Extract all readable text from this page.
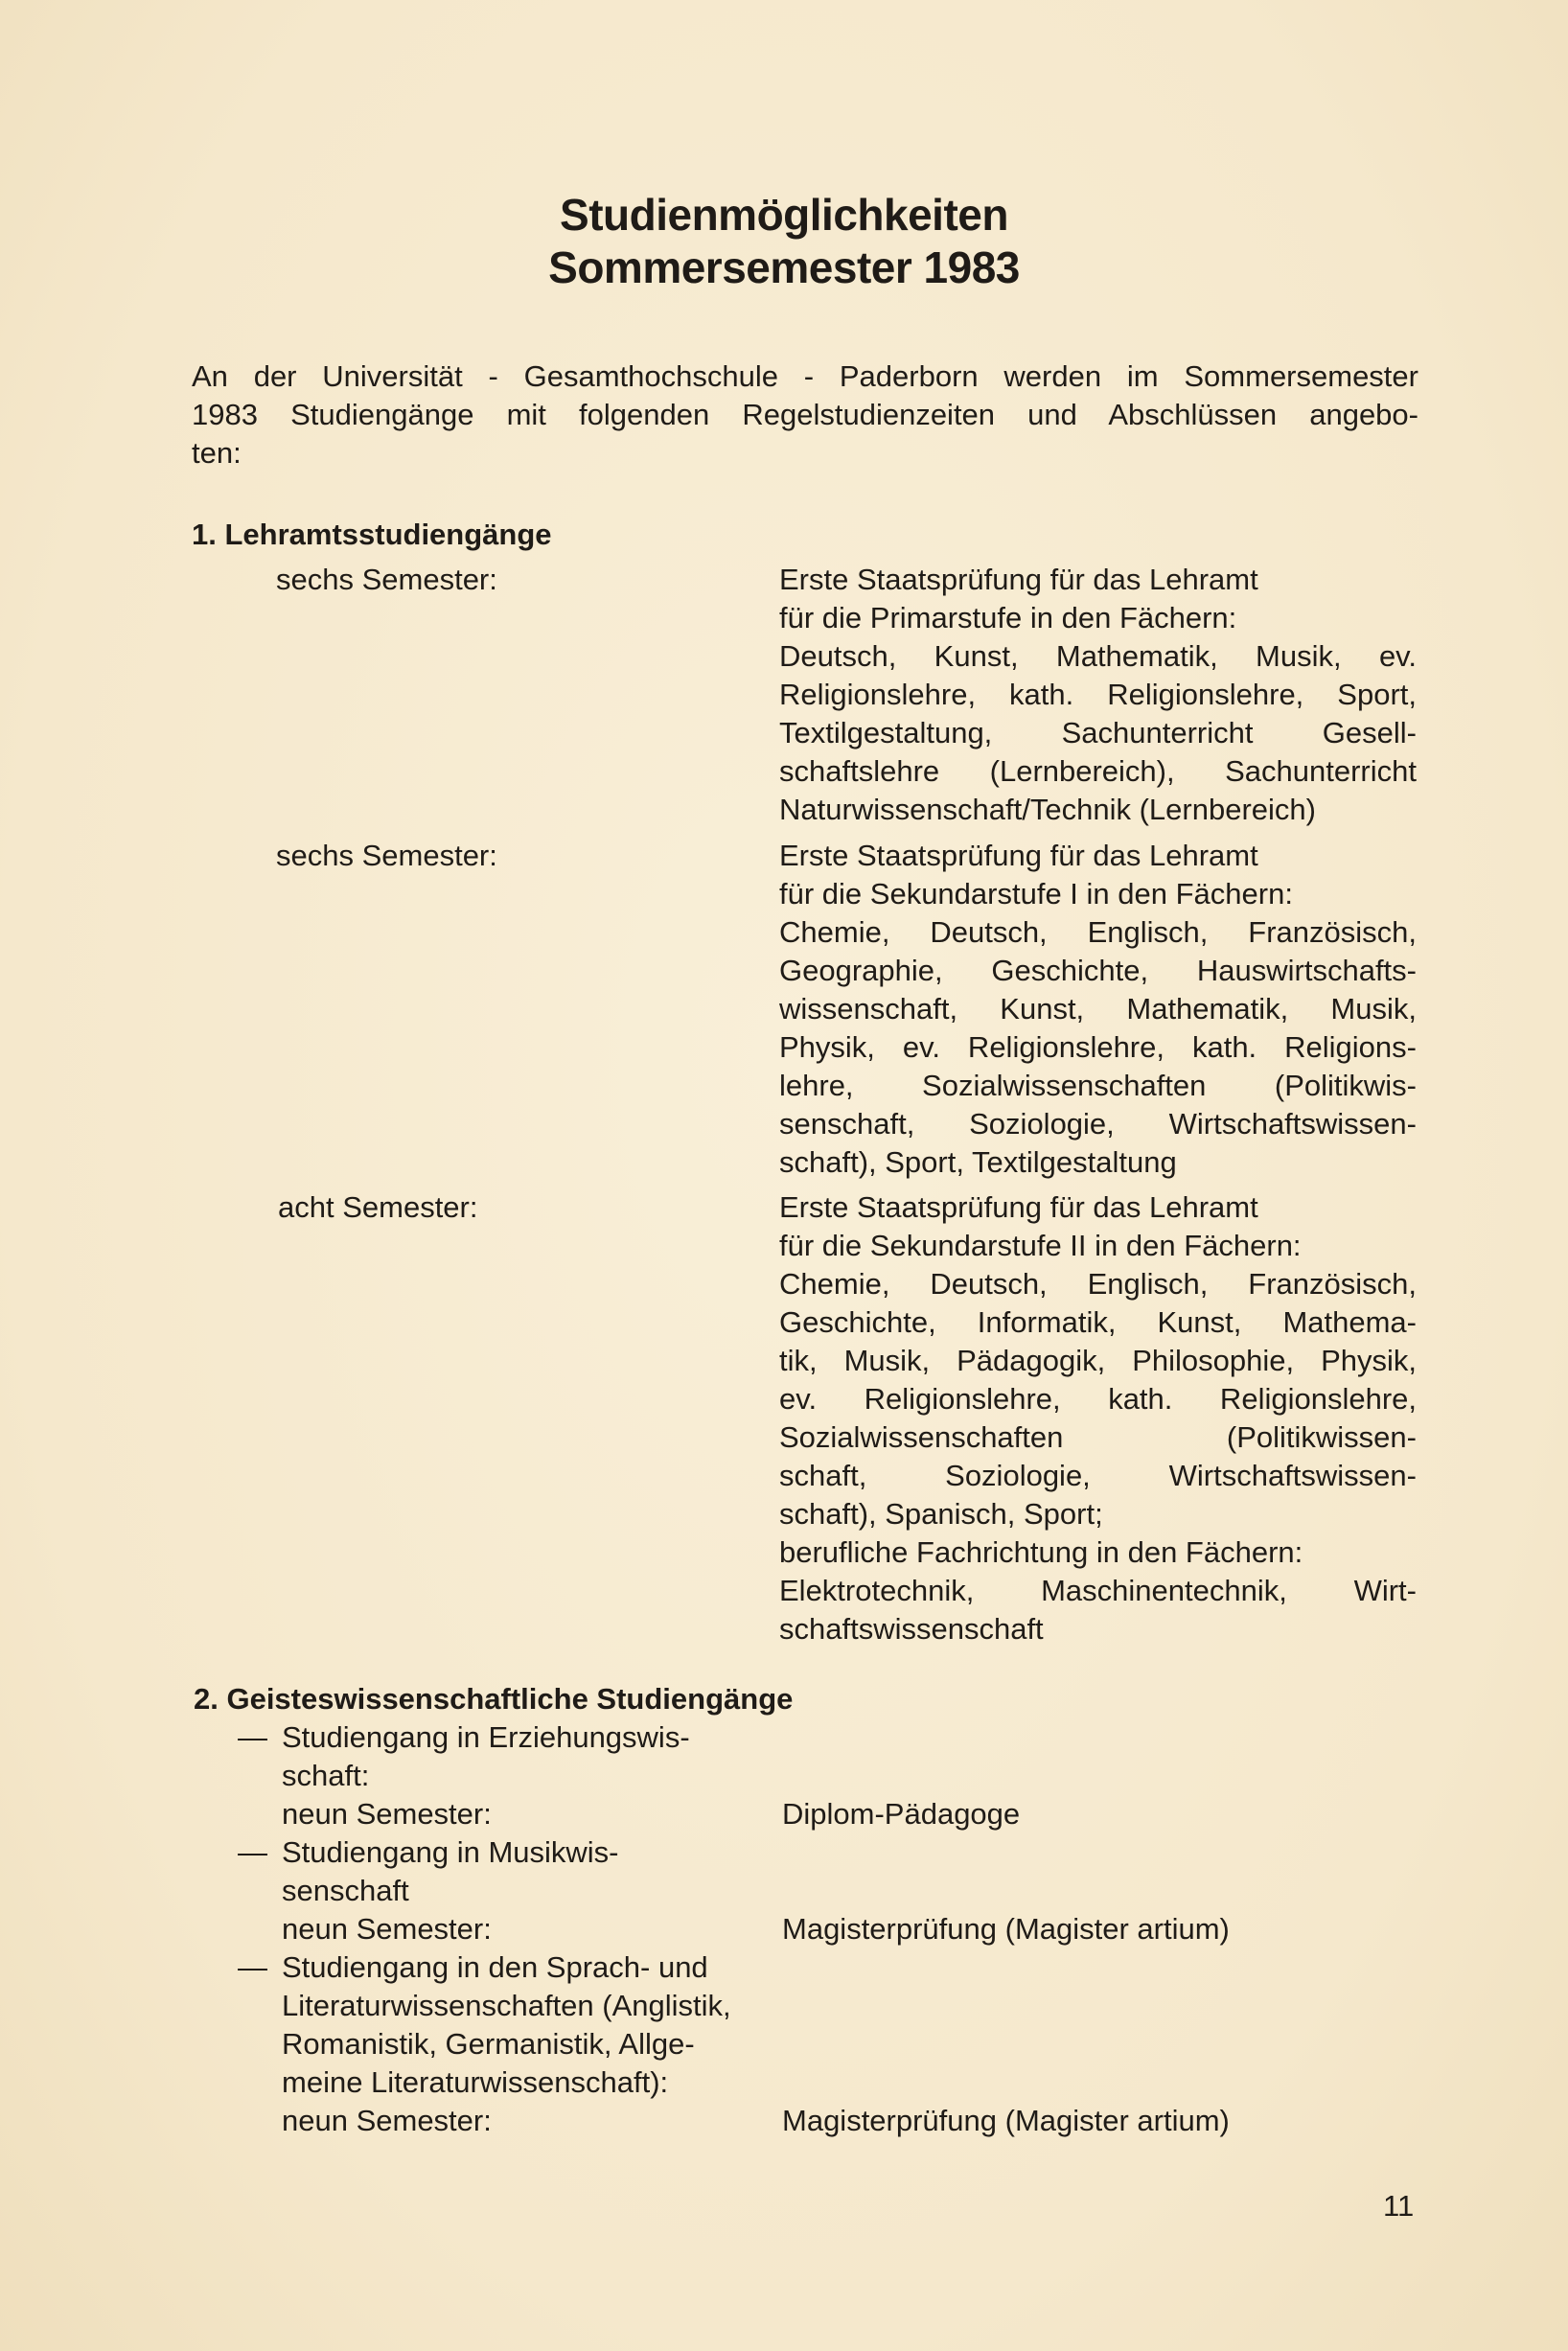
Studienmöglichkeiten
Sommersemester 1983
An der Universität - Gesamthochschule - Paderborn werden im Sommersemester
1983 Studiengänge mit folgenden Regelstudienzeiten und Abschlüssen angebo-
ten:
1. Lehramtsstudiengänge
sechs Semester:	Erste Staatsprüfung für das Lehramt
für die Primarstufe in den Fächern:
Deutsch, Kunst, Mathematik, Musik, ev.
Religionslehre, kath. Religionslehre, Sport,
Textilgestaltung, Sachunterricht Gesell-
schaftslehre (Lernbereich), Sachunterricht
Naturwissenschaft/Technik (Lernbereich)
sechs Semester:	Erste Staatsprüfung für das Lehramt
für die Sekundarstufe I in den Fächern:
Chemie, Deutsch, Englisch, Französisch,
Geographie, Geschichte, Hauswirtschafts-
wissenschaft, Kunst, Mathematik, Musik,
Physik, ev. Religionslehre, kath. Religions-
lehre, Sozialwissenschaften (Politikwis-
senschaft, Soziologie, Wirtschaftswissen-
schaft), Sport, Textilgestaltung
acht Semester:	Erste Staatsprüfung für das Lehramt
für die Sekundarstufe II in den Fächern:
Chemie, Deutsch, Englisch, Französisch,
Geschichte, Informatik, Kunst, Mathema-
tik, Musik, Pädagogik, Philosophie, Physik,
ev. Religionslehre, kath. Religionslehre,
Sozialwissenschaften (Politikwissen-
schaft, Soziologie, Wirtschaftswissen-
schaft), Spanisch, Sport;
berufliche Fachrichtung in den Fächern:
Elektrotechnik, Maschinentechnik, Wirt-
schaftswissenschaft
2. Geisteswissenschaftliche Studiengänge
— Studiengang in Erziehungswis-
schaft:
neun Semester:	Diplom-Pädagoge
— Studiengang in Musikwis-
senschaft
neun Semester:	Magisterprüfung (Magister artium)
— Studiengang in den Sprach- und
Literaturwissenschaften (Anglistik,
Romanistik, Germanistik, Allge-
meine Literaturwissenschaft):
neun Semester:	Magisterprüfung (Magister artium)
11
